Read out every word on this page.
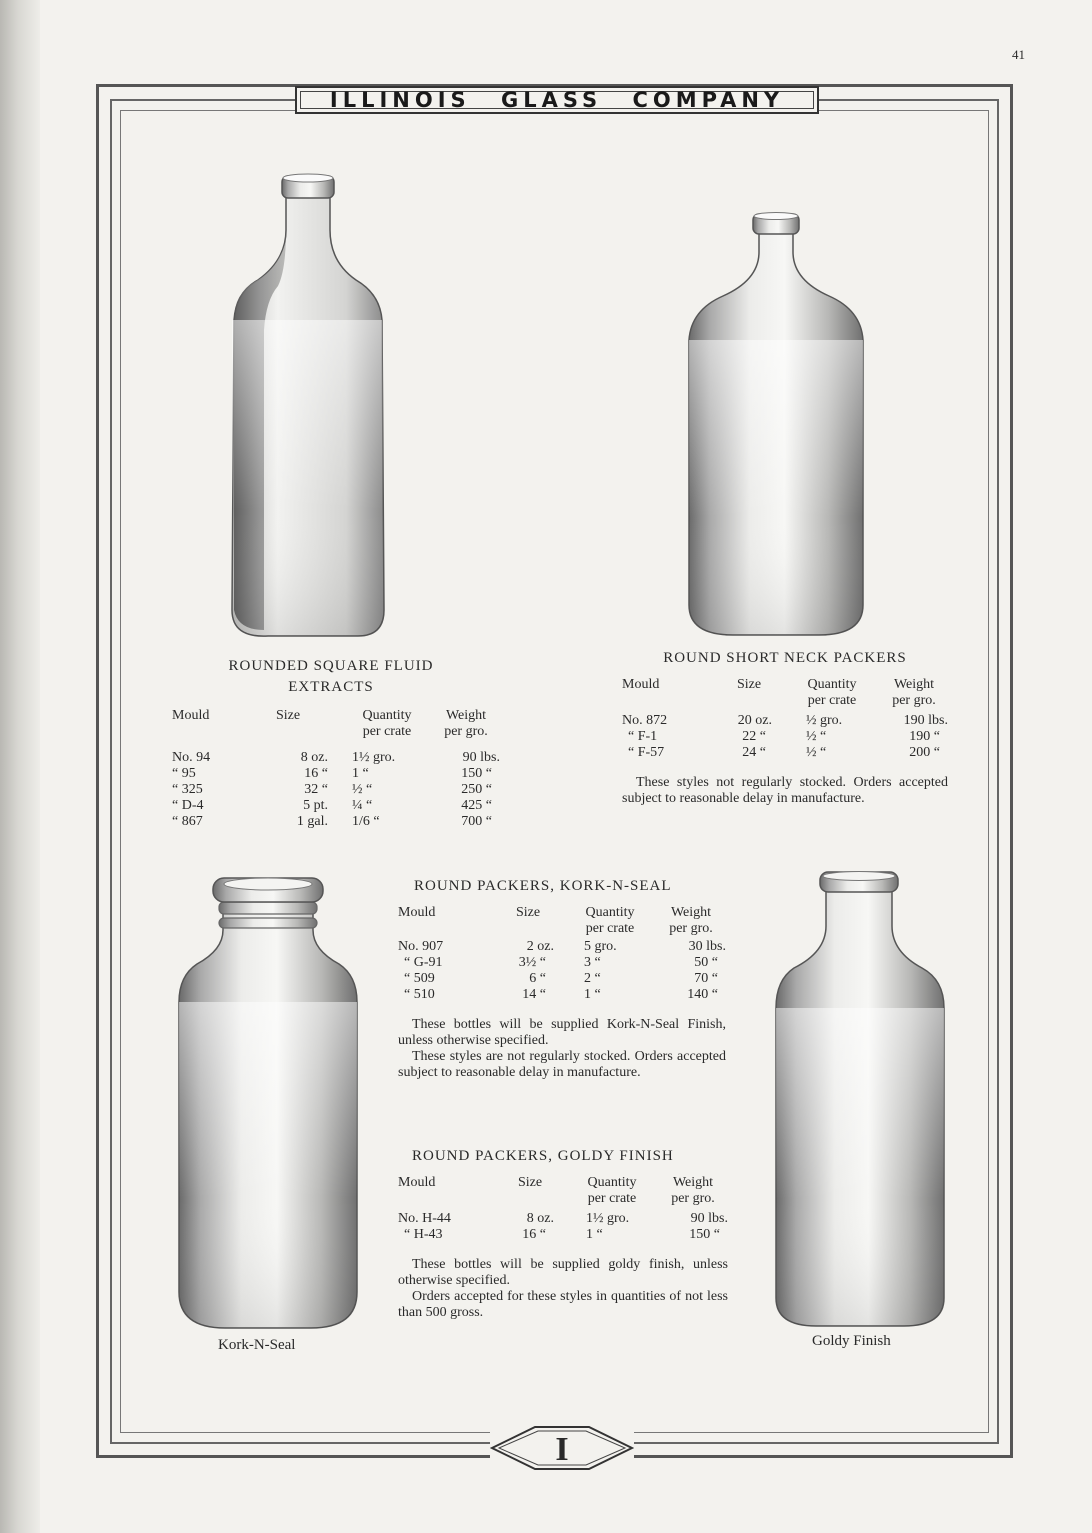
41
ILLINOIS GLASS COMPANY
ROUNDED SQUARE FLUID
EXTRACTS
Mould	Size	Quantity	Weight
		per crate	per gro.

No. 94	8 oz.	1½ gro.	90 lbs.
“ 95	16 “	1 “	150 “
“ 325	32 “	½ “	250 “
“ D-4	5 pt.	¼ “	425 “
“ 867	1 gal.	1/6 “	700 “
ROUND SHORT NECK PACKERS
Mould	Size	Quantity	Weight
		per crate	per gro.

No. 872	20 oz.	½ gro.	190 lbs.
“ F-1	22 “	½ “	190 “
“ F-57	24 “	½ “	200 “

These styles not regularly stocked. Orders accepted subject to reasonable delay in manufacture.

ROUND PACKERS, KORK-N-SEAL
Mould	Size	Quantity	Weight
		per crate	per gro.

No. 907	2 oz.	5 gro.	30 lbs.
“ G-91	3½ “	3 “	50 “
“ 509	6 “	2 “	70 “
“ 510	14 “	1 “	140 “

These bottles will be supplied Kork-N-Seal Finish, unless otherwise specified.

These styles are not regularly stocked. Orders accepted subject to reasonable delay in manufacture.

ROUND PACKERS, GOLDY FINISH
Mould	Size	Quantity	Weight
		per crate	per gro.

No. H-44	8 oz.	1½ gro.	90 lbs.
“ H-43	16 “	1 “	150 “

These bottles will be supplied goldy finish, unless otherwise specified.

Orders accepted for these styles in quantities of not less than 500 gross.

Kork-N-Seal	Goldy Finish
I
